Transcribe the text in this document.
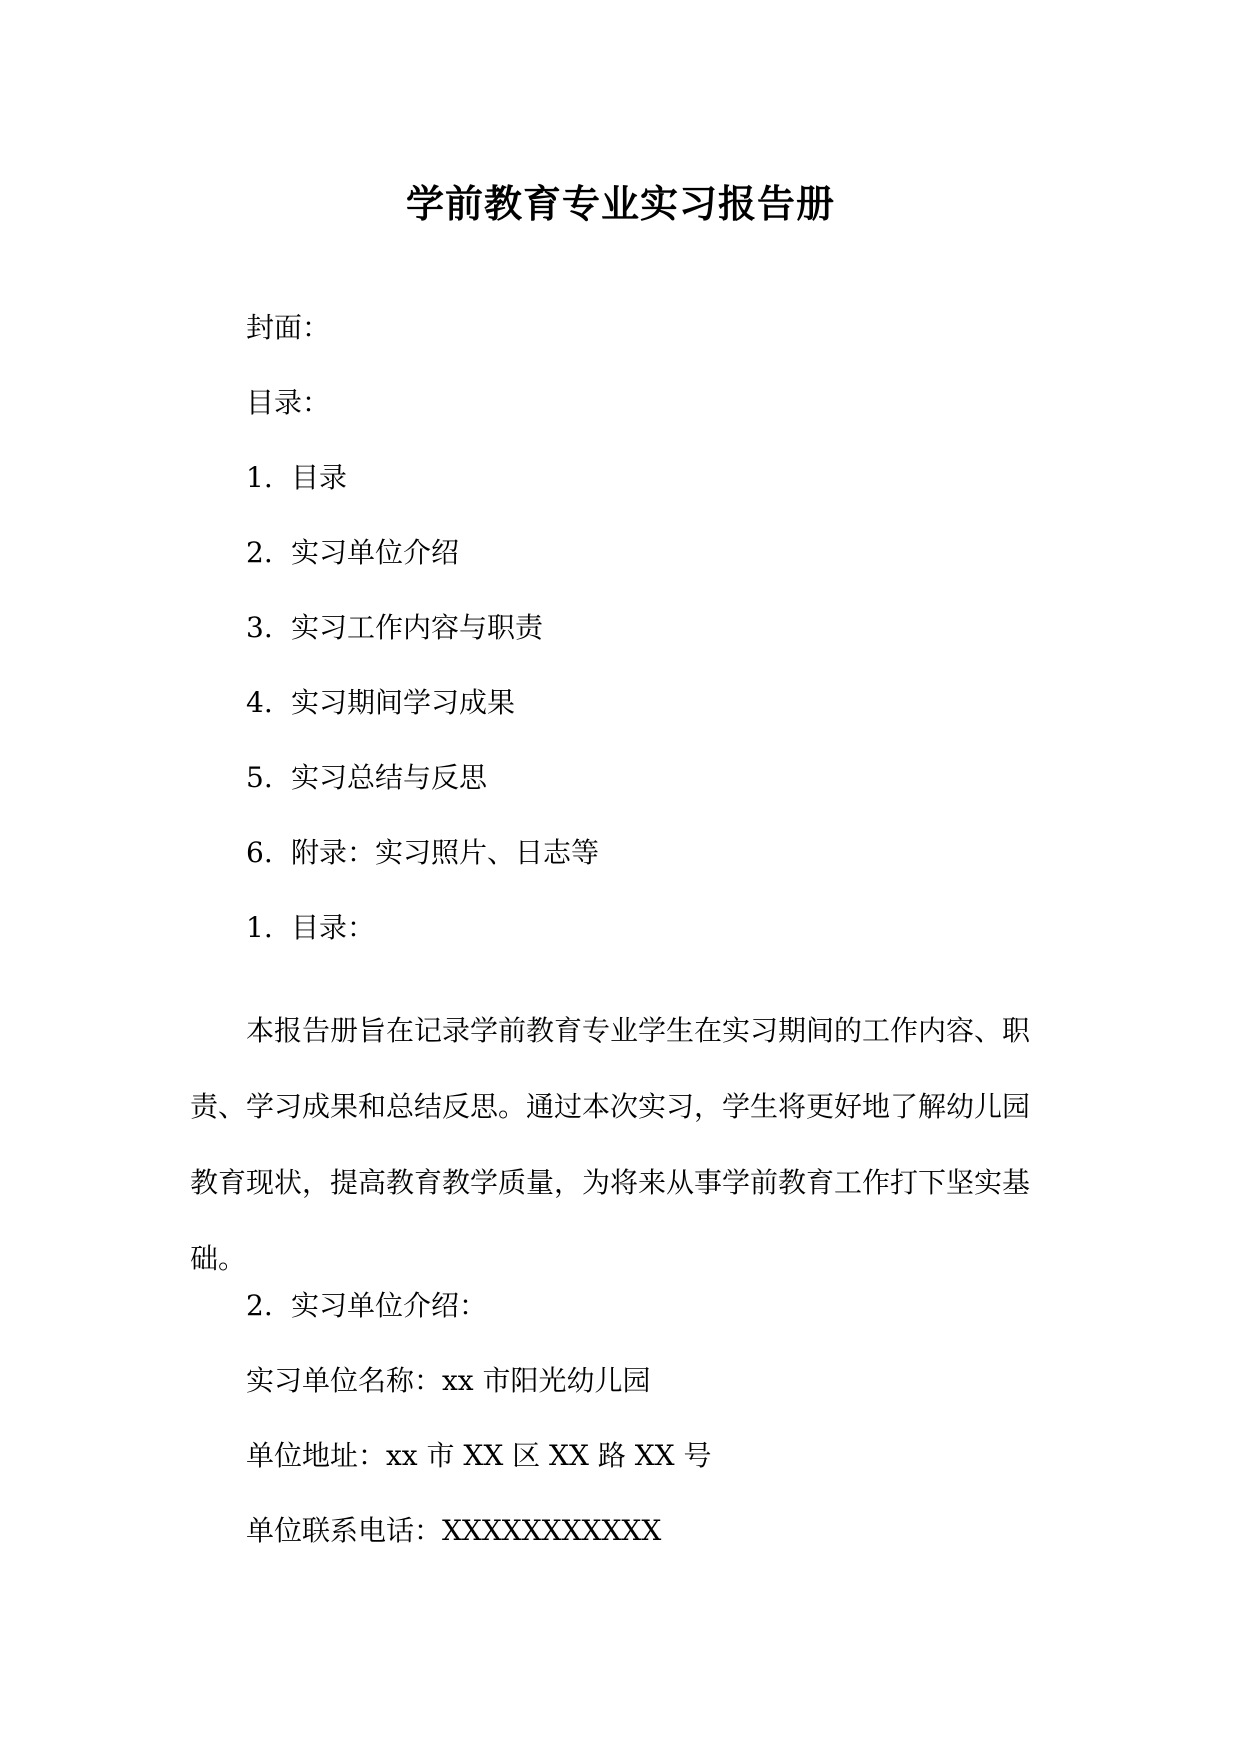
学前教育专业实习报告册
封面：
目录：
1. 目录
2. 实习单位介绍
3. 实习工作内容与职责
4. 实习期间学习成果
5. 实习总结与反思
6. 附录：实习照片、日志等
1. 目录：
本报告册旨在记录学前教育专业学生在实习期间的工作内容、职
责、学习成果和总结反思。通过本次实习，学生将更好地了解幼儿园
教育现状，提高教育教学质量，为将来从事学前教育工作打下坚实基
础。
2. 实习单位介绍：
实习单位名称：xx 市阳光幼儿园
单位地址：xx 市 XX 区 XX 路 XX 号
单位联系电话：XXXXXXXXXXX
